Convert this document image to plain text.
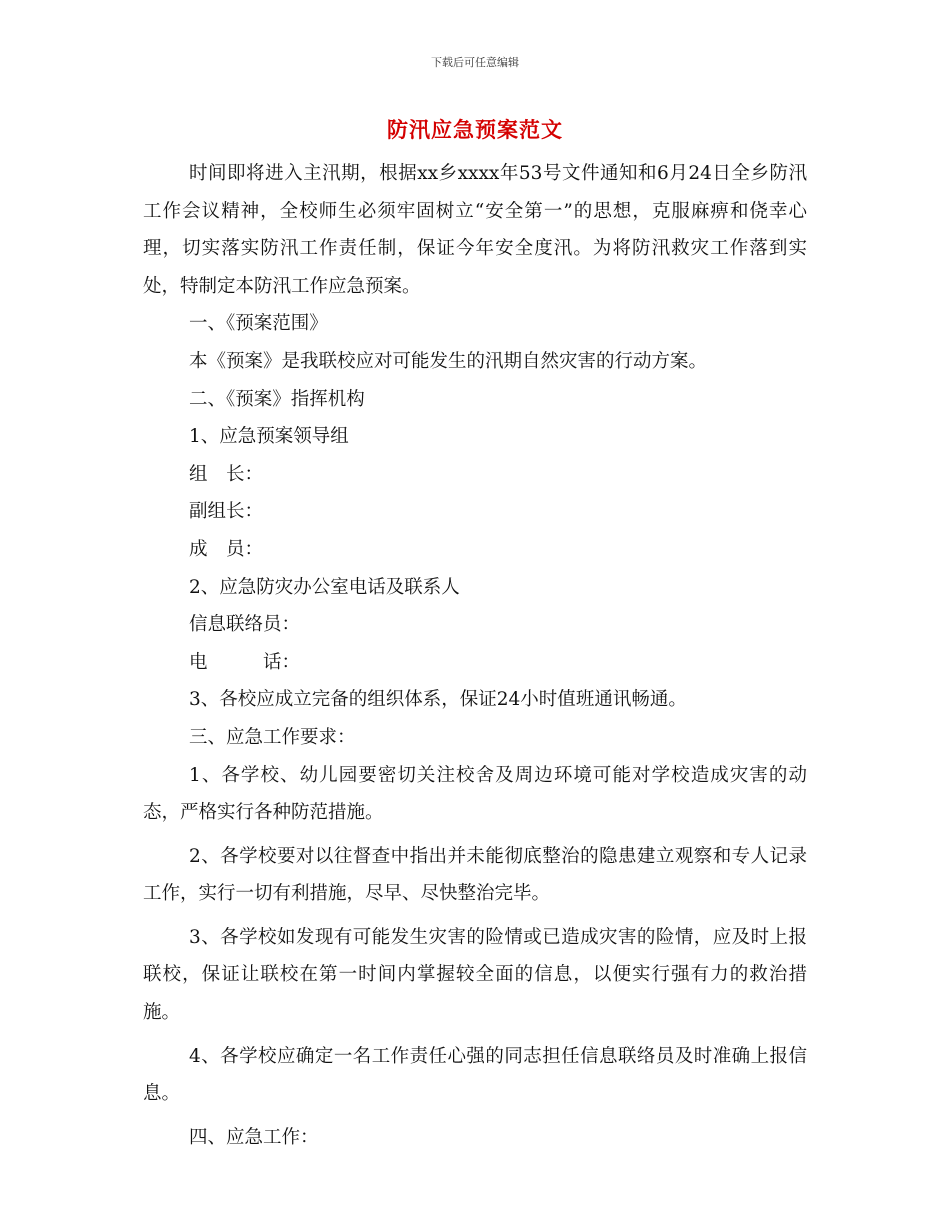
下载后可任意编辑
防汛应急预案范文

时间即将进入主汛期，根据xx乡xxxx年53号文件通知和6月24日全乡防汛工作会议精神，全校师生必须牢固树立“安全第一”的思想，克服麻痹和侥幸心理，切实落实防汛工作责任制，保证今年安全度汛。为将防汛救灾工作落到实处，特制定本防汛工作应急预案。

一、《预案范围》

本《预案》是我联校应对可能发生的汛期自然灾害的行动方案。

二、《预案》指挥机构

1、应急预案领导组

组　长：

副组长：

成　员：

2、应急防灾办公室电话及联系人

信息联络员：

电　　　话：

3、各校应成立完备的组织体系，保证24小时值班通讯畅通。

三、应急工作要求：

1、各学校、幼儿园要密切关注校舍及周边环境可能对学校造成灾害的动态，严格实行各种防范措施。

2、各学校要对以往督查中指出并未能彻底整治的隐患建立观察和专人记录工作，实行一切有利措施，尽早、尽快整治完毕。

3、各学校如发现有可能发生灾害的险情或已造成灾害的险情，应及时上报联校，保证让联校在第一时间内掌握较全面的信息，以便实行强有力的救治措施。

4、各学校应确定一名工作责任心强的同志担任信息联络员及时准确上报信息。

四、应急工作：
